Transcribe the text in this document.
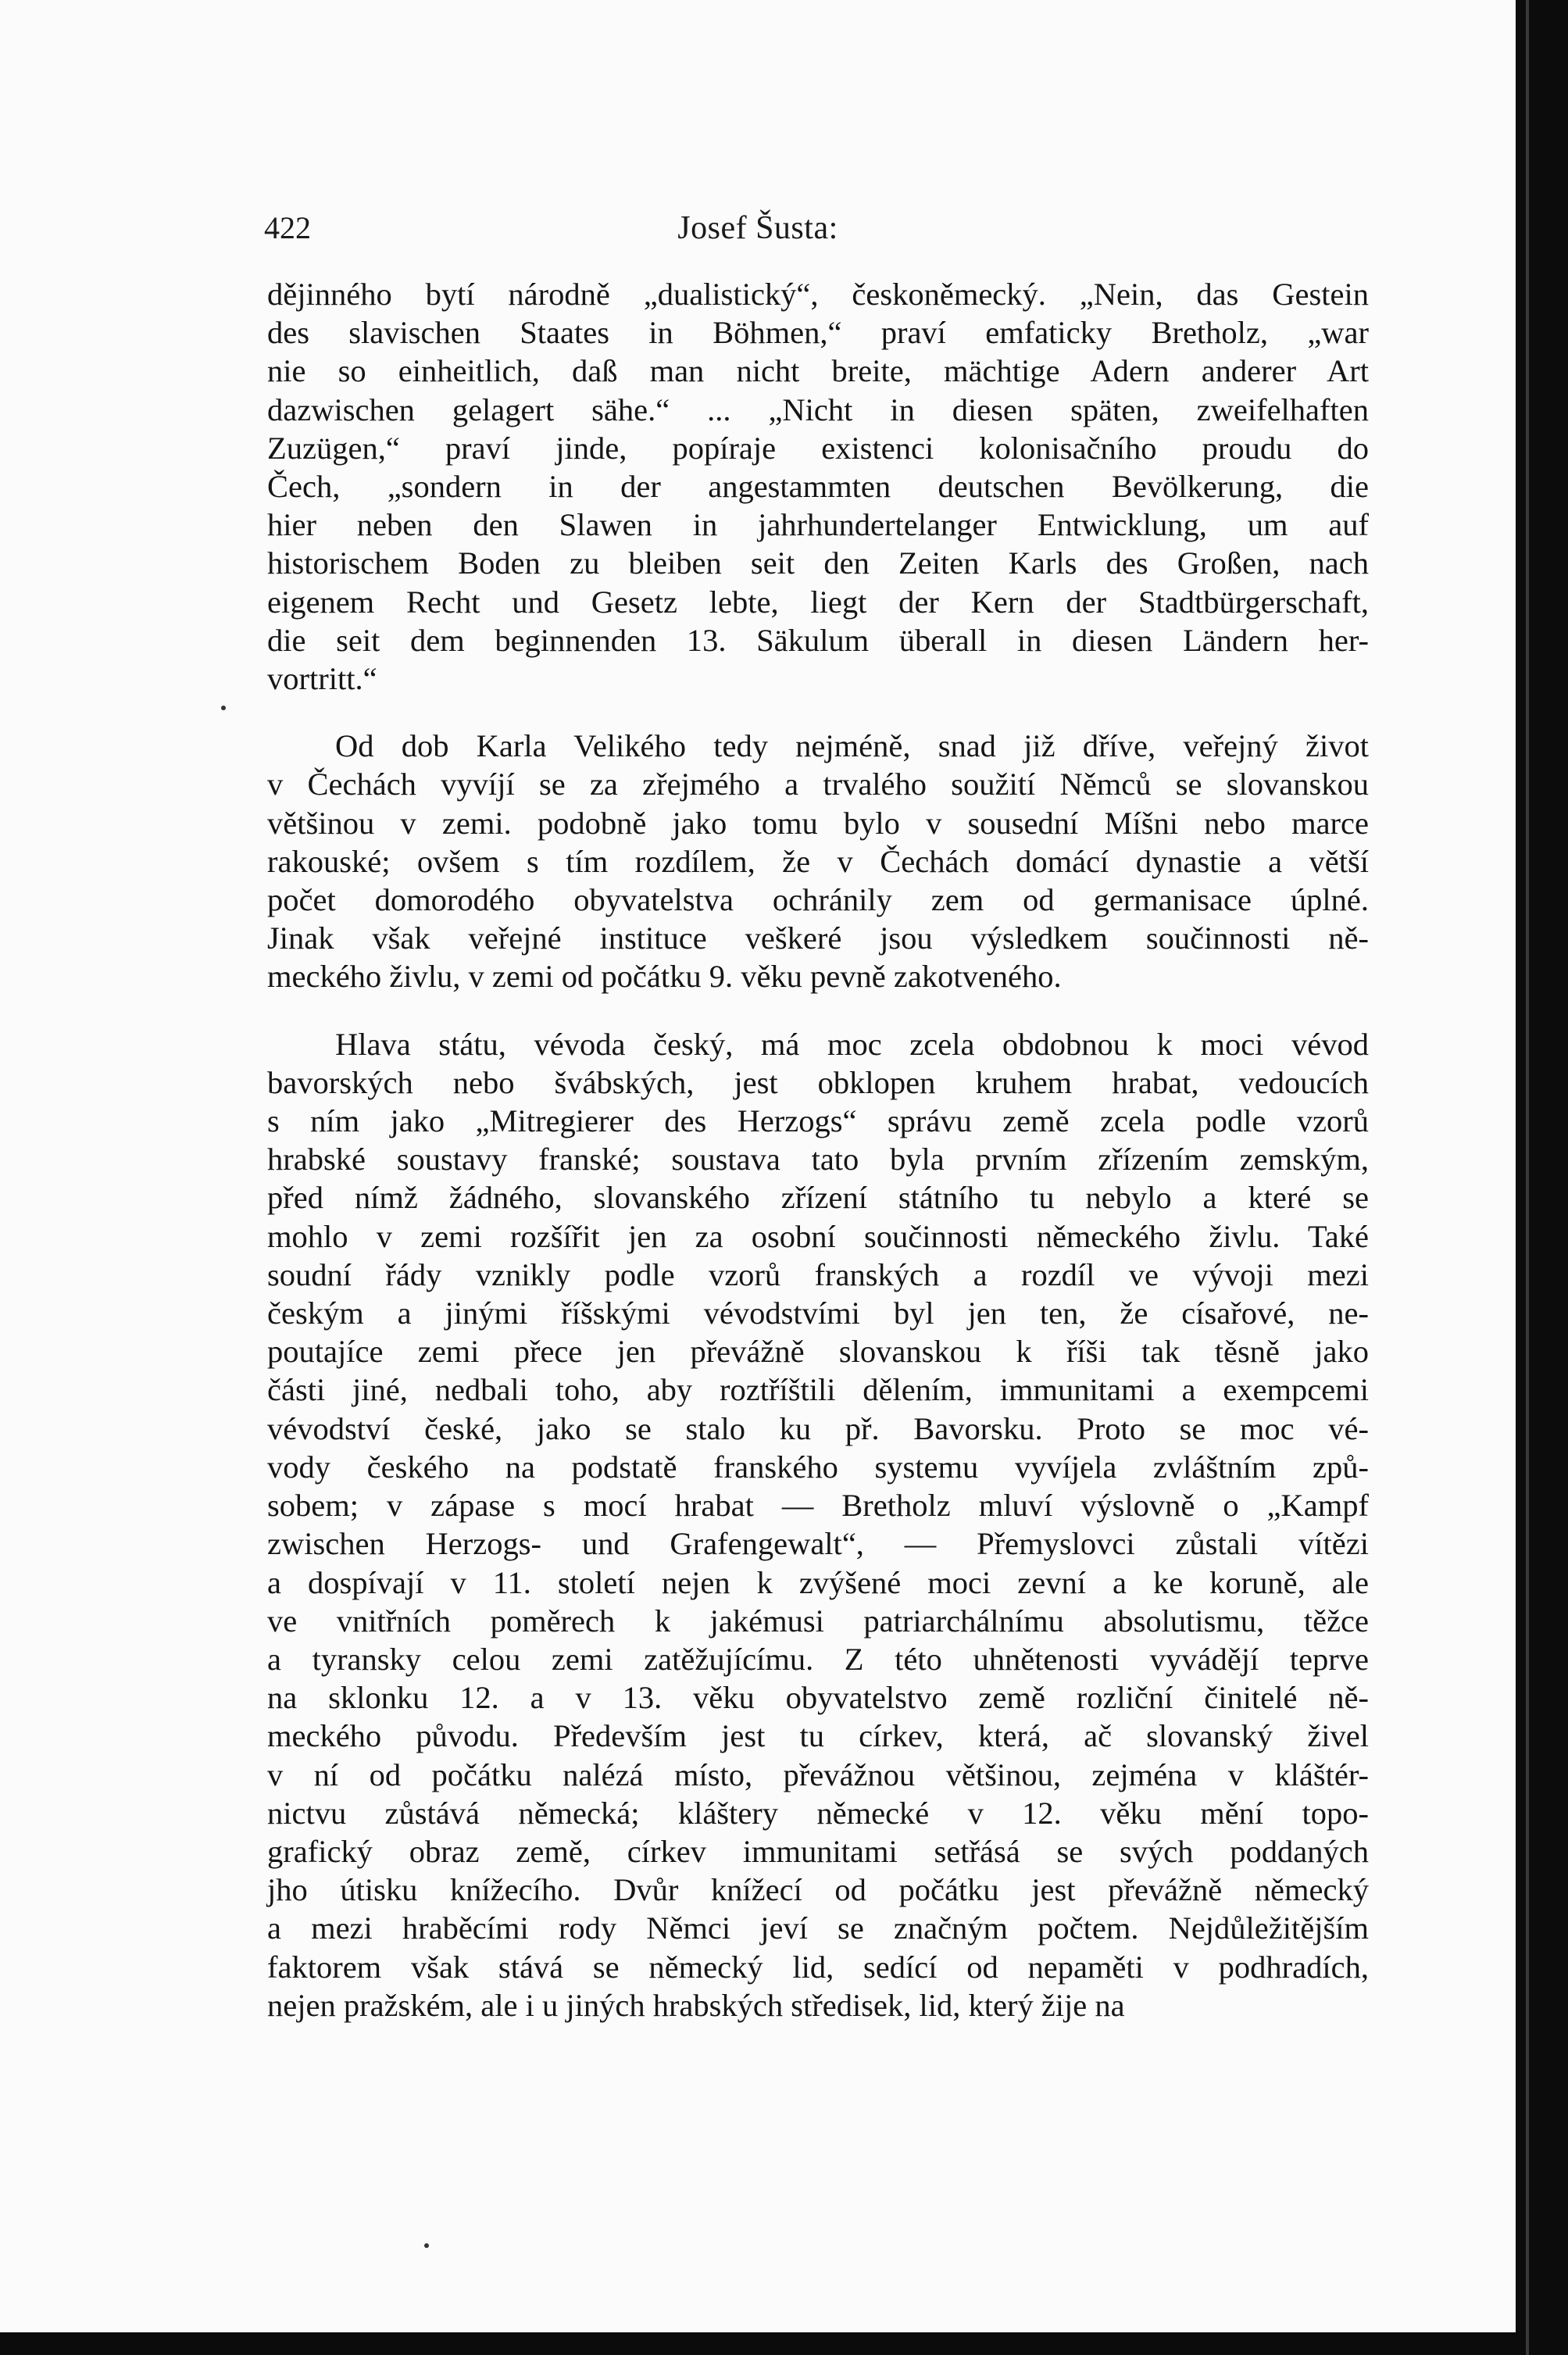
422	Josef Šusta:
dějinného bytí národně „dualistický“, českoněmecký. „Nein, das Gestein
des slavischen Staates in Böhmen,“ praví emfaticky Bretholz, „war
nie so einheitlich, daß man nicht breite, mächtige Adern anderer Art
dazwischen gelagert sähe.“ ... „Nicht in diesen späten, zweifelhaften
Zuzügen,“ praví jinde, popíraje existenci kolonisačního proudu do
Čech, „sondern in der angestammten deutschen Bevölkerung, die
hier neben den Slawen in jahrhundertelanger Entwicklung, um auf
historischem Boden zu bleiben seit den Zeiten Karls des Großen, nach
eigenem Recht und Gesetz lebte, liegt der Kern der Stadtbürgerschaft,
die seit dem beginnenden 13. Säkulum überall in diesen Ländern her-
vortritt.“
Od dob Karla Velikého tedy nejméně, snad již dříve, veřejný život
v Čechách vyvíjí se za zřejmého a trvalého soužití Němců se slovanskou
většinou v zemi. podobně jako tomu bylo v sousední Míšni nebo marce
rakouské; ovšem s tím rozdílem, že v Čechách domácí dynastie a větší
počet domorodého obyvatelstva ochránily zem od germanisace úplné.
Jinak však veřejné instituce veškeré jsou výsledkem součinnosti ně-
meckého živlu, v zemi od počátku 9. věku pevně zakotveného.
Hlava státu, vévoda český, má moc zcela obdobnou k moci vévod
bavorských nebo švábských, jest obklopen kruhem hrabat, vedoucích
s ním jako „Mitregierer des Herzogs“ správu země zcela podle vzorů
hrabské soustavy franské; soustava tato byla prvním zřízením zemským,
před nímž žádného, slovanského zřízení státního tu nebylo a které se
mohlo v zemi rozšířit jen za osobní součinnosti německého živlu. Také
soudní řády vznikly podle vzorů franských a rozdíl ve vývoji mezi
českým a jinými říšskými vévodstvími byl jen ten, že císařové, ne-
poutajíce zemi přece jen převážně slovanskou k říši tak těsně jako
části jiné, nedbali toho, aby roztříštili dělením, immunitami a exempcemi
vévodství české, jako se stalo ku př. Bavorsku. Proto se moc vé-
vody českého na podstatě franského systemu vyvíjela zvláštním způ-
sobem; v zápase s mocí hrabat — Bretholz mluví výslovně o „Kampf
zwischen Herzogs- und Grafengewalt“, — Přemyslovci zůstali vítězi
a dospívají v 11. století nejen k zvýšené moci zevní a ke koruně, ale
ve vnitřních poměrech k jakémusi patriarchálnímu absolutismu, těžce
a tyransky celou zemi zatěžujícímu. Z této uhnětenosti vyvádějí teprve
na sklonku 12. a v 13. věku obyvatelstvo země rozliční činitelé ně-
meckého původu. Především jest tu církev, která, ač slovanský živel
v ní od počátku nalézá místo, převážnou většinou, zejména v kláštér-
nictvu zůstává německá; kláštery německé v 12. věku mění topo-
grafický obraz země, církev immunitami setřásá se svých poddaných
jho útisku knížecího. Dvůr knížecí od počátku jest převážně německý
a mezi hraběcími rody Němci jeví se značným počtem. Nejdůležitějším
faktorem však stává se německý lid, sedící od nepaměti v podhradích,
nejen pražském, ale i u jiných hrabských středisek, lid, který žije na
